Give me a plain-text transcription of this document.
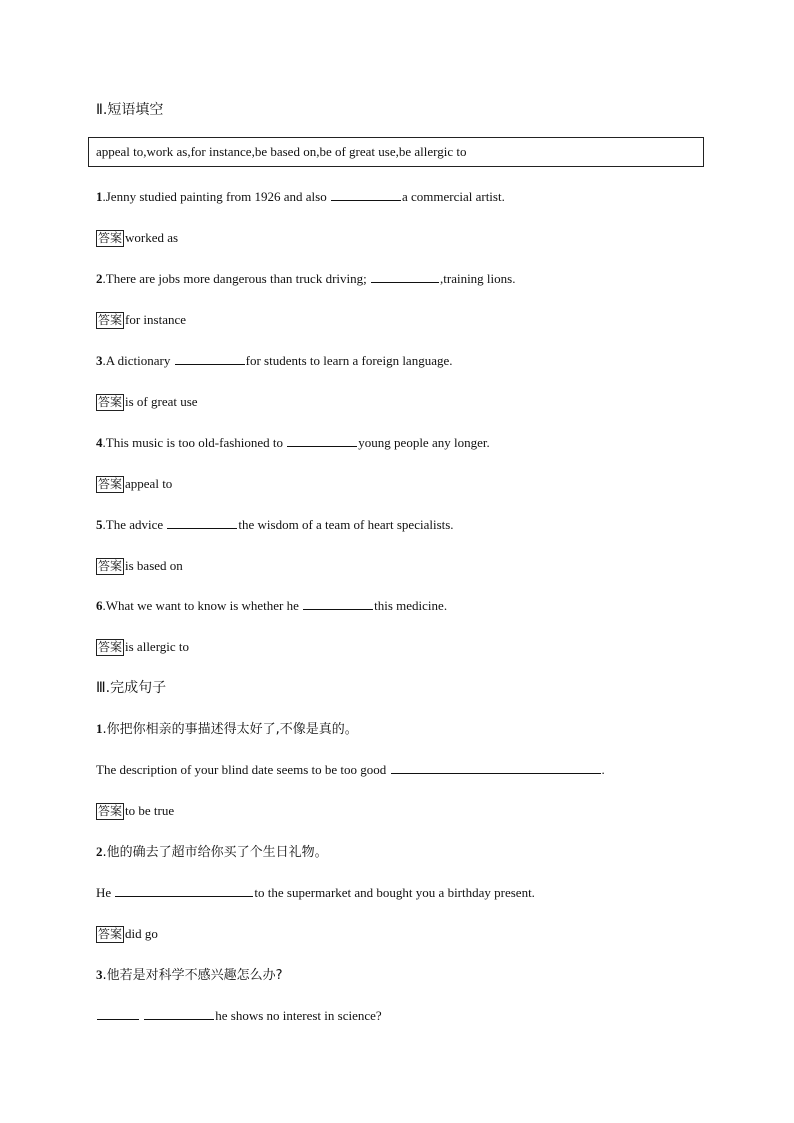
Ⅱ.短语填空
appeal to,work as,for instance,be based on,be of great use,be allergic to
1.Jenny studied painting from 1926 and also	a commercial artist.
答案 worked as
2.There are jobs more dangerous than truck driving;	,training lions.
答案 for instance
3.A dictionary	for students to learn a foreign language.
答案 is of great use
4.This music is too old-fashioned to	young people any longer.
答案 appeal to
5.The advice	the wisdom of a team of heart specialists.
答案 is based on
6.What we want to know is whether he	this medicine.
答案 is allergic to
Ⅲ.完成句子
1.你把你相亲的事描述得太好了,不像是真的。
The description of your blind date seems to be too good	.
答案 to be true
2.他的确去了超市给你买了个生日礼物。
He	to the supermarket and bought you a birthday present.
答案 did go
3.他若是对科学不感兴趣怎么办?
he shows no interest in science?
